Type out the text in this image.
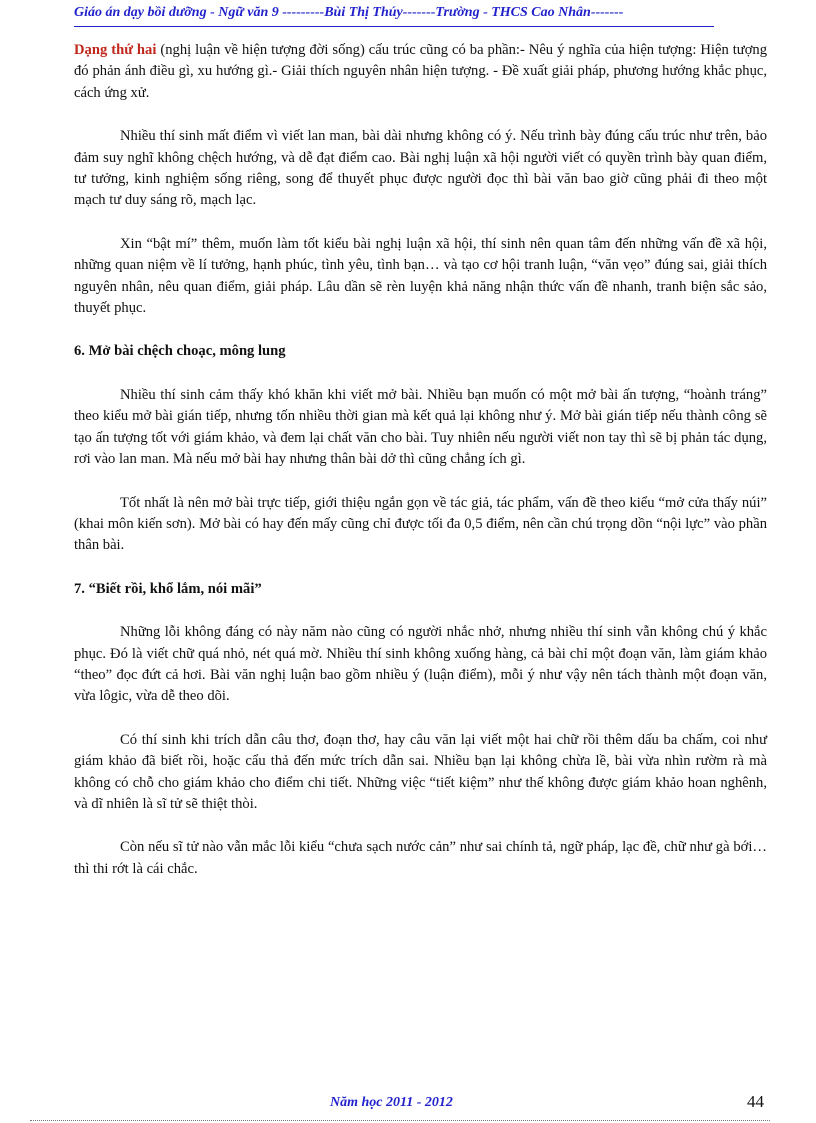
Giáo án dạy bồi dưỡng - Ngữ văn 9 ---------Bùi Thị Thúy-------Trường - THCS Cao Nhân-------

Dạng thứ hai (nghị luận về hiện tượng đời sống) cấu trúc cũng có ba phần:- Nêu ý nghĩa của hiện tượng: Hiện tượng đó phản ánh điều gì, xu hướng gì.- Giải thích nguyên nhân hiện tượng. - Đề xuất giải pháp, phương hướng khắc phục, cách ứng xử.

Nhiều thí sinh mất điểm vì viết lan man, bài dài nhưng không có ý. Nếu trình bày đúng cấu trúc như trên, bảo đảm suy nghĩ không chệch hướng, và dễ đạt điểm cao. Bài nghị luận xã hội người viết có quyền trình bày quan điểm, tư tưởng, kinh nghiệm sống riêng, song để thuyết phục được người đọc thì bài văn bao giờ cũng phải đi theo một mạch tư duy sáng rõ, mạch lạc.

Xin “bật mí” thêm, muốn làm tốt kiểu bài nghị luận xã hội, thí sinh nên quan tâm đến những vấn đề xã hội, những quan niệm về lí tưởng, hạnh phúc, tình yêu, tình bạn… và tạo cơ hội tranh luận, “văn vẹo” đúng sai, giải thích nguyên nhân, nêu quan điểm, giải pháp. Lâu dần sẽ rèn luyện khả năng nhận thức vấn đề nhanh, tranh biện sắc sảo, thuyết phục.

6. Mở bài chệch choạc, mông lung

Nhiều thí sinh cảm thấy khó khăn khi viết mở bài. Nhiều bạn muốn có một mở bài ấn tượng, “hoành tráng” theo kiểu mở bài gián tiếp, nhưng tốn nhiều thời gian mà kết quả lại không như ý. Mở bài gián tiếp nếu thành công sẽ tạo ấn tượng tốt với giám khảo, và đem lại chất văn cho bài. Tuy nhiên nếu người viết non tay thì sẽ bị phản tác dụng, rơi vào lan man. Mà nếu mở bài hay nhưng thân bài dở thì cũng chẳng ích gì.

Tốt nhất là nên mở bài trực tiếp, giới thiệu ngắn gọn về tác giả, tác phẩm, vấn đề theo kiểu “mở cửa thấy núi” (khai môn kiến sơn). Mở bài có hay đến mấy cũng chỉ được tối đa 0,5 điểm, nên cần chú trọng dồn “nội lực” vào phần thân bài.

7. “Biết rồi, khổ lắm, nói mãi”

Những lỗi không đáng có này năm nào cũng có người nhắc nhở, nhưng nhiều thí sinh vẫn không chú ý khắc phục. Đó là viết chữ quá nhỏ, nét quá mờ. Nhiều thí sinh không xuống hàng, cả bài chỉ một đoạn văn, làm giám khảo “theo” đọc đứt cả hơi. Bài văn nghị luận bao gồm nhiều ý (luận điểm), mỗi ý như vậy nên tách thành một đoạn văn, vừa lôgic, vừa dễ theo dõi.

Có thí sinh khi trích dẫn câu thơ, đoạn thơ, hay câu văn lại viết một hai chữ rồi thêm dấu ba chấm, coi như giám khảo đã biết rồi, hoặc cẩu thả đến mức trích dẫn sai. Nhiều bạn lại không chừa lề, bài vừa nhìn rườm rà mà không có chỗ cho giám khảo cho điểm chi tiết. Những việc “tiết kiệm” như thế không được giám khảo hoan nghênh, và dĩ nhiên là sĩ tử sẽ thiệt thòi.

Còn nếu sĩ tử nào vẫn mắc lỗi kiểu “chưa sạch nước cản” như sai chính tả, ngữ pháp, lạc đề, chữ như gà bới… thì thi rớt là cái chắc.

Năm học 2011 - 2012	44
